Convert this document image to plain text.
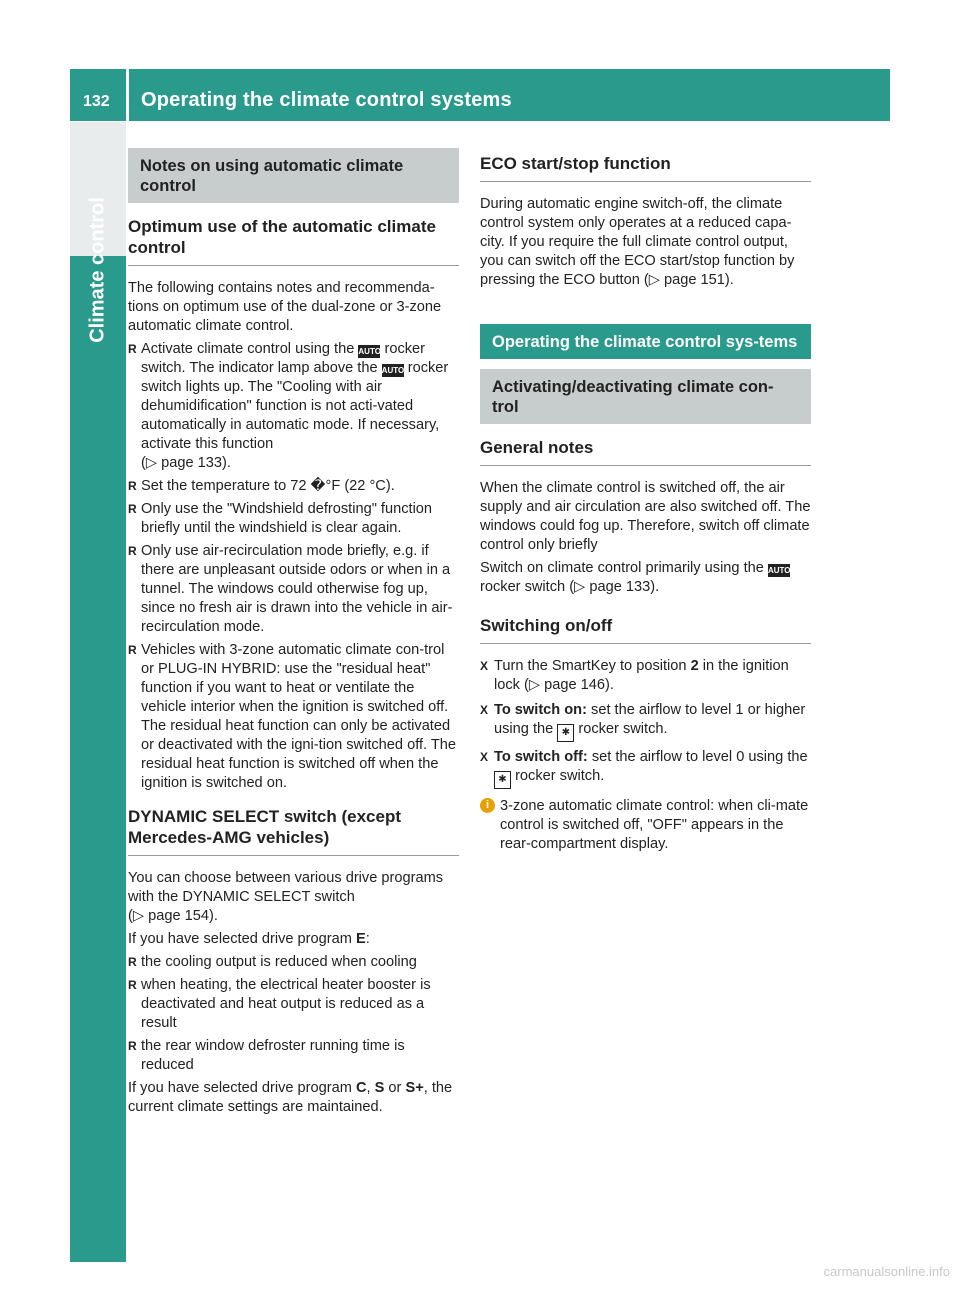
132 Operating the climate control systems
Climate control
Notes on using automatic climate control
Optimum use of the automatic climate control

The following contains notes and recommenda-tions on optimum use of the dual-zone or 3-zone automatic climate control.

R Activate climate control using the AUTO rocker switch. The indicator lamp above the AUTO rocker switch lights up. The "Cooling with air dehumidification" function is not acti-vated automatically in automatic mode. If necessary, activate this function
(▷ page 133).
R Set the temperature to 72 �°F (22 ‌°C).
R Only use the "Windshield defrosting" function briefly until the windshield is clear again.
R Only use air-recirculation mode briefly, e.g. if there are unpleasant outside odors or when in a tunnel. The windows could otherwise fog up, since no fresh air is drawn into the vehicle in air-recirculation mode.
R Vehicles with 3-zone automatic climate con-trol or PLUG-IN HYBRID: use the "residual heat" function if you want to heat or ventilate the vehicle interior when the ignition is switched off. The residual heat function can only be activated or deactivated with the igni-tion switched off. The residual heat function is switched off when the ignition is switched on.
DYNAMIC SELECT switch (except Mercedes-AMG vehicles)

You can choose between various drive programs with the DYNAMIC SELECT switch
(▷ page 154).

If you have selected drive program E:

R the cooling output is reduced when cooling
R when heating, the electrical heater booster is deactivated and heat output is reduced as a result
R the rear window defroster running time is reduced

If you have selected drive program C, S or S+, the current climate settings are maintained.

ECO start/stop function

During automatic engine switch-off, the climate control system only operates at a reduced capa-city. If you require the full climate control output, you can switch off the ECO start/stop function by pressing the ECO button (▷ page 151).

Operating the climate control sys-tems
Activating/deactivating climate con-trol
General notes

When the climate control is switched off, the air supply and air circulation are also switched off. The windows could fog up. Therefore, switch off climate control only briefly

Switch on climate control primarily using the AUTO rocker switch (▷ page 133).

Switching on/off
X Turn the SmartKey to position 2 in the ignition lock (▷ page 146).
X To switch on: set the airflow to level 1 or higher using the ✱ rocker switch.
X To switch off: set the airflow to level 0 using the ✱ rocker switch.
i 3-zone automatic climate control: when cli-mate control is switched off, "OFF" appears in the rear-compartment display.
carmanualsonline.info
